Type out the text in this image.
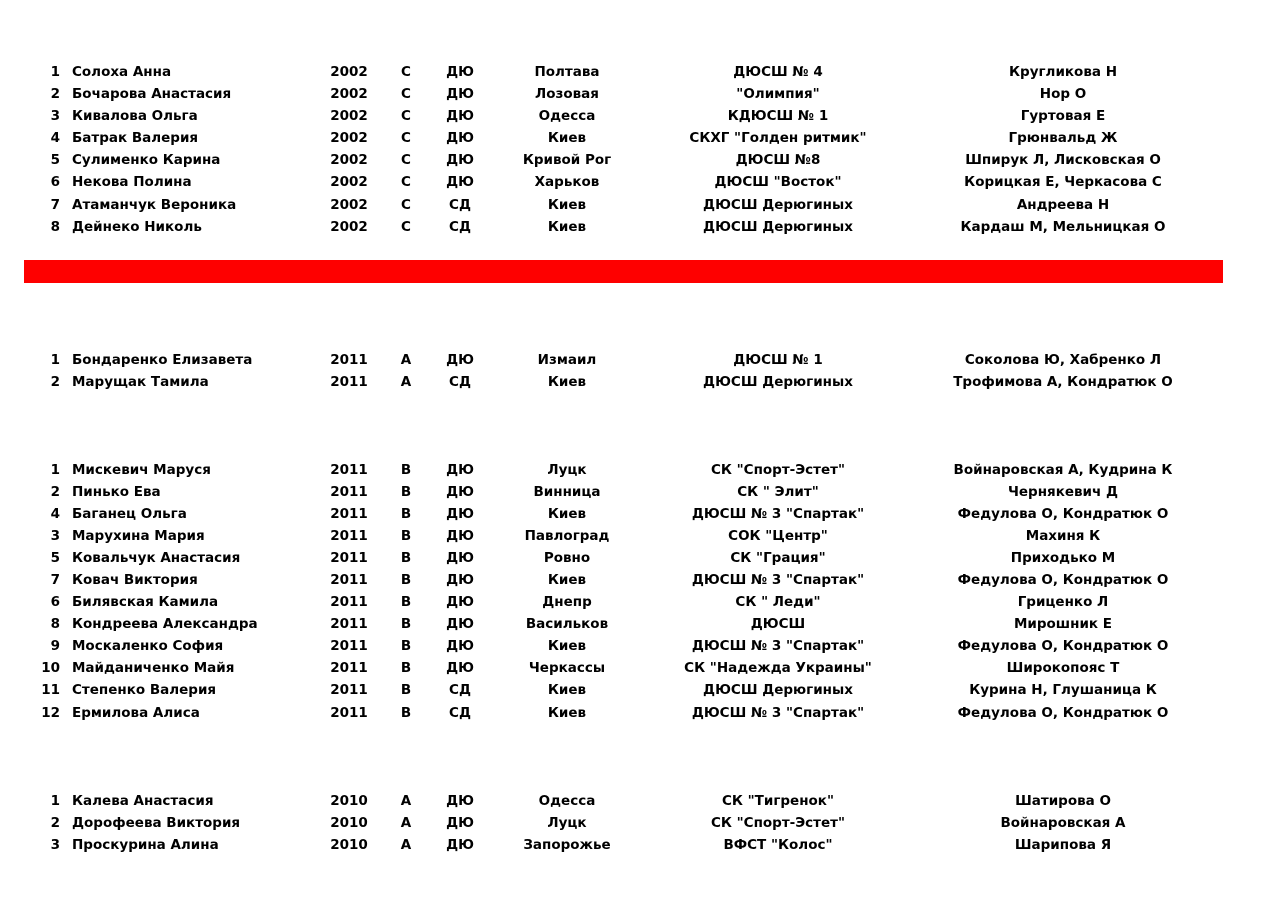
1 Солоха Анна	2002	С	ДЮ	Полтава	ДЮСШ № 4	Кругликова Н
2 Бочарова Анастасия	2002	С	ДЮ	Лозовая	"Олимпия"	Нор О
3 Кивалова Ольга	2002	С	ДЮ	Одесса	КДЮСШ № 1	Гуртовая Е
4 Батрак Валерия	2002	С	ДЮ	Киев	СКХГ "Голден ритмик"	Грюнвальд Ж
5 Сулименко Карина	2002	С	ДЮ	Кривой Рог	ДЮСШ №8	Шпирук Л, Лисковская О
6 Некова Полина	2002	С	ДЮ	Харьков	ДЮСШ "Восток"	Корицкая Е, Черкасова С
7 Атаманчук Вероника	2002	С	СД	Киев	ДЮСШ Дерюгиных	Андреева Н
8 Дейнеко Николь	2002	С	СД	Киев	ДЮСШ Дерюгиных	Кардаш М, Мельницкая О
1 Бондаренко Елизавета	2011	А	ДЮ	Измаил	ДЮСШ № 1	Соколова Ю, Хабренко Л
2 Марущак Тамила	2011	А	СД	Киев	ДЮСШ Дерюгиных	Трофимова А, Кондратюк О
1 Мискевич Маруся	2011	В	ДЮ	Луцк	СК "Спорт-Эстет"	Войнаровская А, Кудрина К
2 Пинько Ева	2011	В	ДЮ	Винница	СК " Элит"	Чернякевич Д
4 Баганец Ольга	2011	В	ДЮ	Киев	ДЮСШ № 3 "Спартак"	Федулова О, Кондратюк О
3 Марухина Мария	2011	В	ДЮ	Павлоград	СОК "Центр"	Махиня К
5 Ковальчук Анастасия	2011	В	ДЮ	Ровно	СК "Грация"	Приходько М
7 Ковач Виктория	2011	В	ДЮ	Киев	ДЮСШ № 3 "Спартак"	Федулова О, Кондратюк О
6 Билявская Камила	2011	В	ДЮ	Днепр	СК " Леди"	Гриценко Л
8 Кондреева Александра	2011	В	ДЮ	Васильков	ДЮСШ	Мирошник Е
9 Москаленко София	2011	В	ДЮ	Киев	ДЮСШ № 3 "Спартак"	Федулова О, Кондратюк О
10 Майданиченко Майя	2011	В	ДЮ	Черкассы	СК "Надежда Украины"	Широкопояс Т
11 Степенко Валерия	2011	В	СД	Киев	ДЮСШ Дерюгиных	Курина Н, Глушаница К
12 Ермилова Алиса	2011	В	СД	Киев	ДЮСШ № 3 "Спартак"	Федулова О, Кондратюк О
1 Калева Анастасия	2010	А	ДЮ	Одесса	СК "Тигренок"	Шатирова О
2 Дорофеева Виктория	2010	А	ДЮ	Луцк	СК "Спорт-Эстет"	Войнаровская А
3 Проскурина Алина	2010	А	ДЮ	Запорожье	ВФСТ "Колос"	Шарипова Я
